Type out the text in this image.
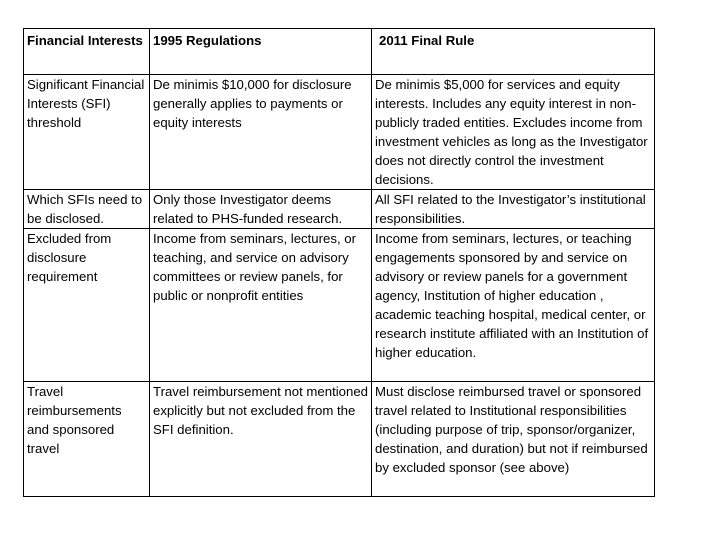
Financial Interests	1995 Regulations	2011 Final Rule
Significant Financial Interests (SFI) threshold	De minimis $10,000 for disclosure generally applies to payments or equity interests	De minimis $5,000 for services and equity interests. Includes any equity interest in non-publicly traded entities. Excludes income from investment vehicles as long as the Investigator does not directly control the investment decisions.
Which SFIs need to be disclosed.	Only those Investigator deems related to PHS-funded research.	All SFI related to the Investigator’s institutional responsibilities.
Excluded from disclosure requirement	Income from seminars, lectures, or teaching, and service on advisory committees or review panels, for public or nonprofit entities	Income from seminars, lectures, or teaching engagements sponsored by and service on advisory or review panels for a government agency, Institution of higher education , academic teaching hospital, medical center, or research institute affiliated with an Institution of higher education.
Travel reimbursements and sponsored travel	Travel reimbursement not mentioned explicitly but not excluded from the SFI definition.	Must disclose reimbursed travel or sponsored travel related to Institutional responsibilities (including purpose of trip, sponsor/organizer, destination, and duration) but not if reimbursed by excluded sponsor (see above)
